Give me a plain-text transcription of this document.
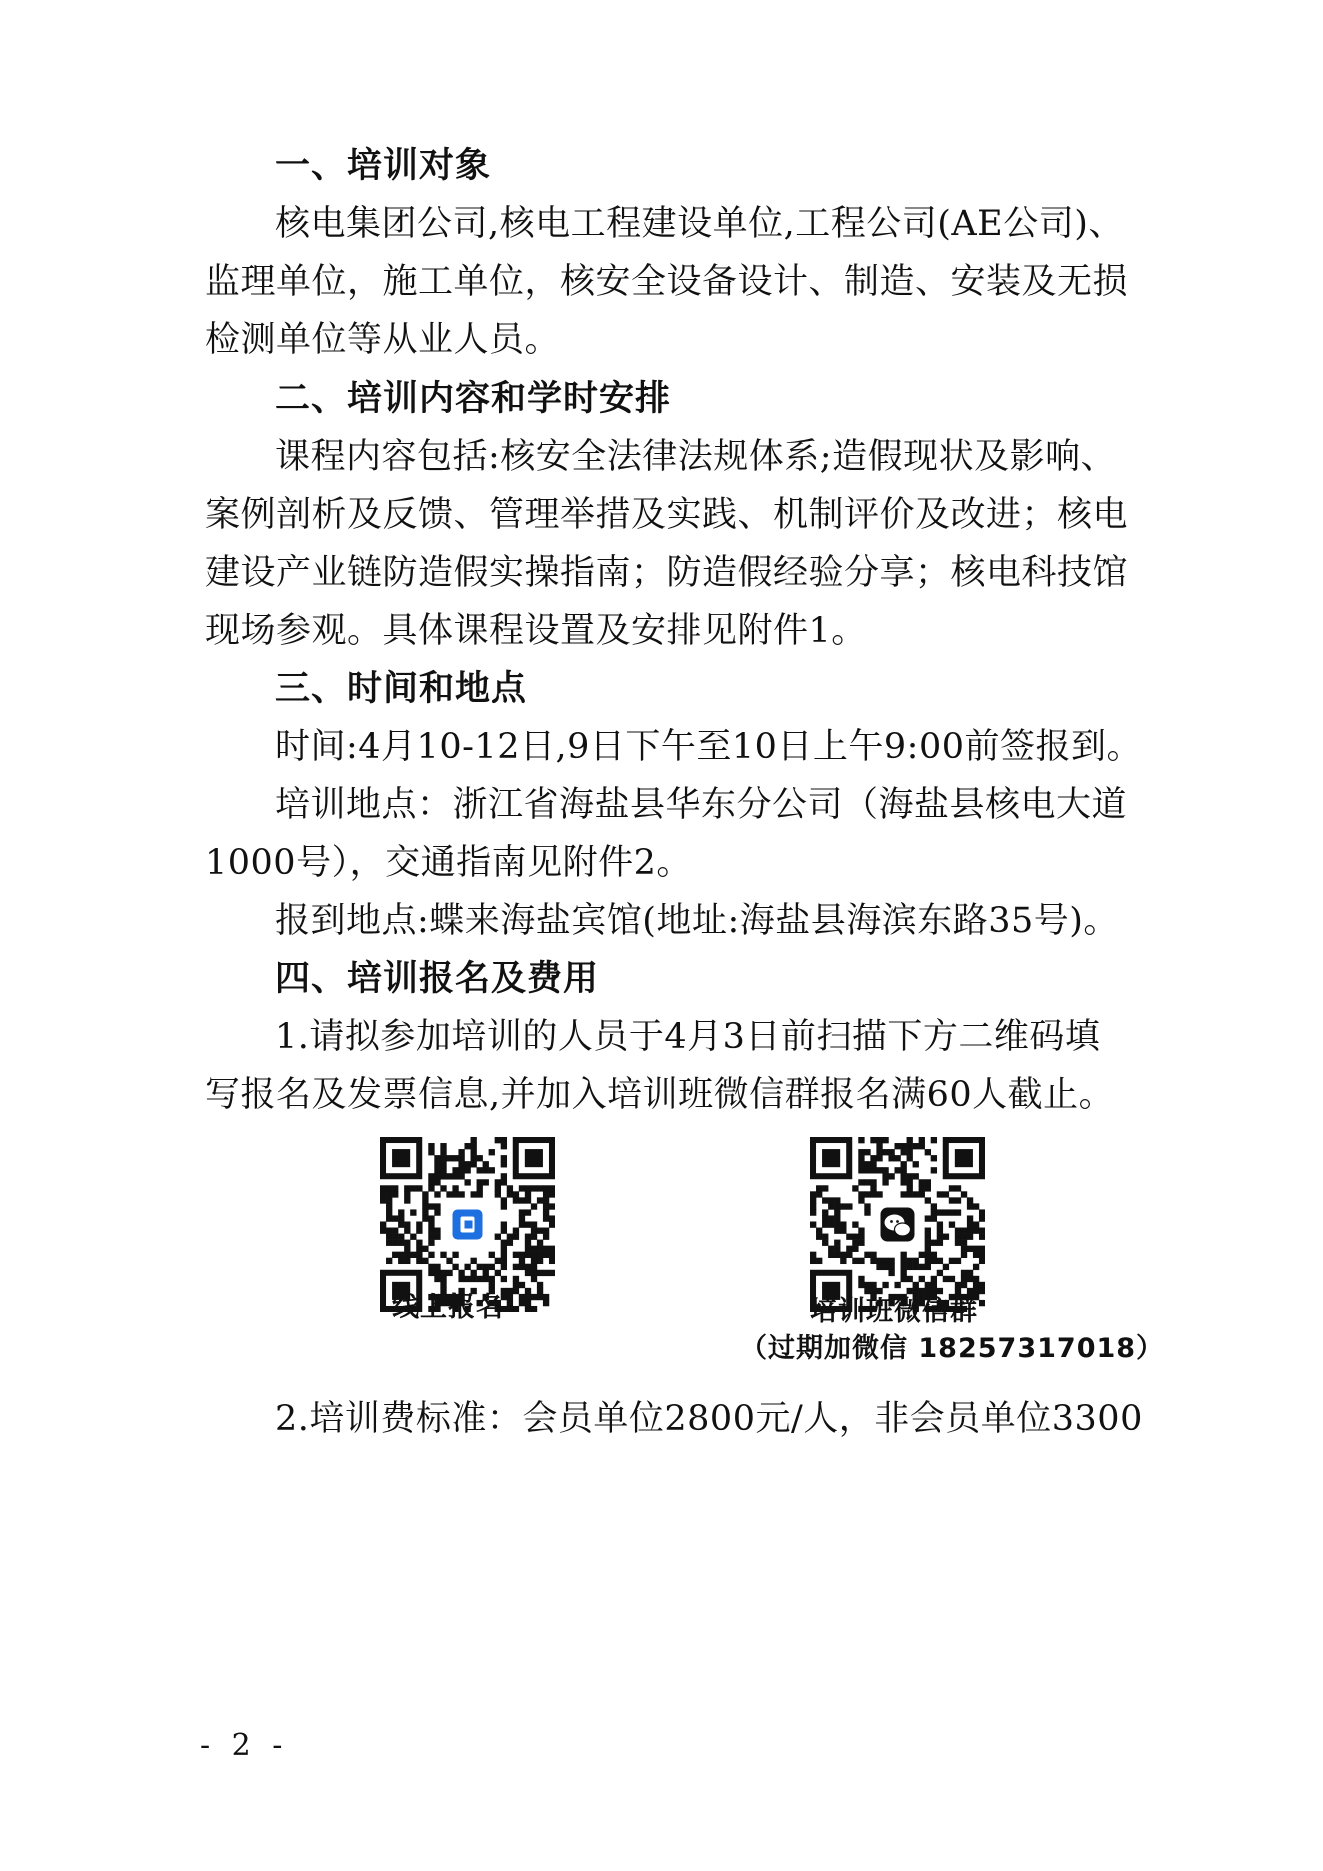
一、培训对象
核电集团公司,核电工程建设单位,工程公司(AE公司)、
监理单位，施工单位，核安全设备设计、制造、安装及无损
检测单位等从业人员。
二、培训内容和学时安排
课程内容包括:核安全法律法规体系;造假现状及影响、
案例剖析及反馈、管理举措及实践、机制评价及改进；核电
建设产业链防造假实操指南；防造假经验分享；核电科技馆
现场参观。具体课程设置及安排见附件1。
三、时间和地点
时间:4月10-12日,9日下午至10日上午9:00前签报到。
培训地点：浙江省海盐县华东分公司（海盐县核电大道
1000号），交通指南见附件2。
报到地点:蝶来海盐宾馆(地址:海盐县海滨东路35号)。
四、培训报名及费用
1.请拟参加培训的人员于4月3日前扫描下方二维码填
写报名及发票信息,并加入培训班微信群报名满60人截止。
线上报名	培训班微信群
（过期加微信 18257317018）
2.培训费标准：会员单位2800元/人，非会员单位3300
- 2 -
